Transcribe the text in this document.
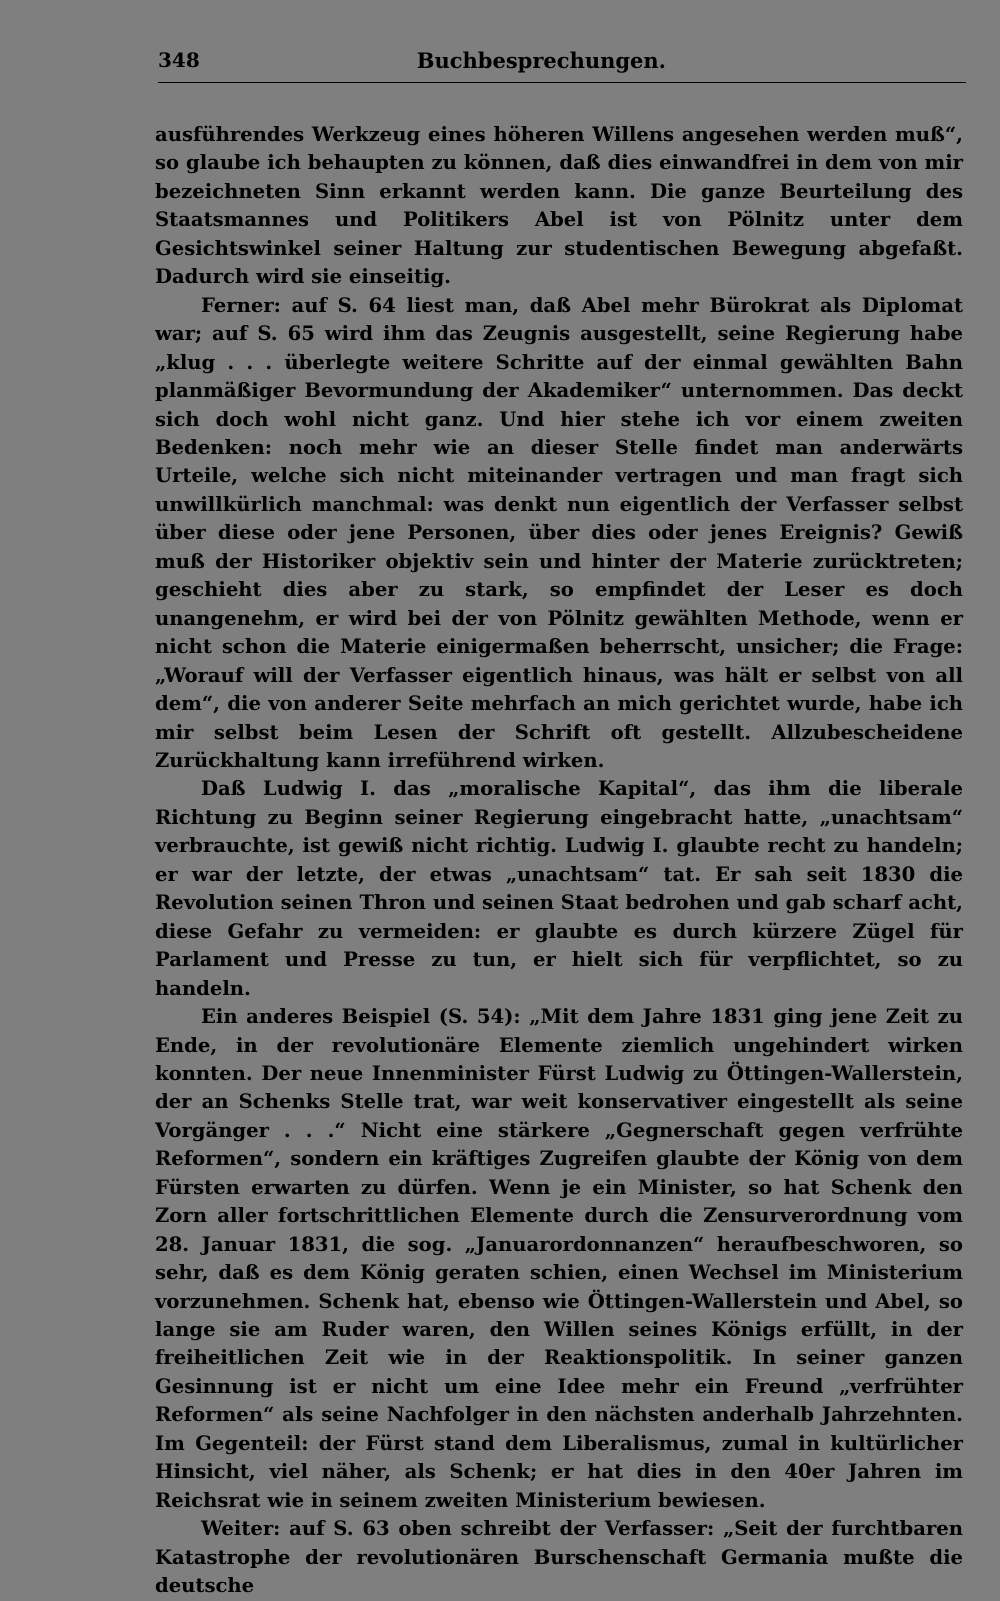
348	Buchbesprechungen.

ausführendes Werkzeug eines höheren Willens angesehen werden muß“, so glaube ich behaupten zu können, daß dies einwandfrei in dem von mir bezeichneten Sinn erkannt werden kann. Die ganze Beurteilung des Staatsmannes und Politikers Abel ist von Pölnitz unter dem Gesichtswinkel seiner Haltung zur studentischen Bewegung abgefaßt. Dadurch wird sie einseitig.

Ferner: auf S. 64 liest man, daß Abel mehr Bürokrat als Diplomat war; auf S. 65 wird ihm das Zeugnis ausgestellt, seine Regierung habe „klug . . . überlegte weitere Schritte auf der einmal gewählten Bahn planmäßiger Bevormundung der Akademiker“ unternommen. Das deckt sich doch wohl nicht ganz. Und hier stehe ich vor einem zweiten Bedenken: noch mehr wie an dieser Stelle findet man anderwärts Urteile, welche sich nicht miteinander vertragen und man fragt sich unwillkürlich manchmal: was denkt nun eigentlich der Verfasser selbst über diese oder jene Personen, über dies oder jenes Ereignis? Gewiß muß der Historiker objektiv sein und hinter der Materie zurücktreten; geschieht dies aber zu stark, so empfindet der Leser es doch unangenehm, er wird bei der von Pölnitz gewählten Methode, wenn er nicht schon die Materie einigermaßen beherrscht, unsicher; die Frage: „Worauf will der Verfasser eigentlich hinaus, was hält er selbst von all dem“, die von anderer Seite mehrfach an mich gerichtet wurde, habe ich mir selbst beim Lesen der Schrift oft gestellt. Allzubescheidene Zurückhaltung kann irreführend wirken.

Daß Ludwig I. das „moralische Kapital“, das ihm die liberale Richtung zu Beginn seiner Regierung eingebracht hatte, „unachtsam“ verbrauchte, ist gewiß nicht richtig. Ludwig I. glaubte recht zu handeln; er war der letzte, der etwas „unachtsam“ tat. Er sah seit 1830 die Revolution seinen Thron und seinen Staat bedrohen und gab scharf acht, diese Gefahr zu vermeiden: er glaubte es durch kürzere Zügel für Parlament und Presse zu tun, er hielt sich für verpflichtet, so zu handeln.

Ein anderes Beispiel (S. 54): „Mit dem Jahre 1831 ging jene Zeit zu Ende, in der revolutionäre Elemente ziemlich ungehindert wirken konnten. Der neue Innenminister Fürst Ludwig zu Öttingen-Wallerstein, der an Schenks Stelle trat, war weit konservativer eingestellt als seine Vorgänger . . .“ Nicht eine stärkere „Gegnerschaft gegen verfrühte Reformen“, sondern ein kräftiges Zugreifen glaubte der König von dem Fürsten erwarten zu dürfen. Wenn je ein Minister, so hat Schenk den Zorn aller fortschrittlichen Elemente durch die Zensurverordnung vom 28. Januar 1831, die sog. „Januarordonnanzen“ heraufbeschworen, so sehr, daß es dem König geraten schien, einen Wechsel im Ministerium vorzunehmen. Schenk hat, ebenso wie Öttingen-Wallerstein und Abel, so lange sie am Ruder waren, den Willen seines Königs erfüllt, in der freiheitlichen Zeit wie in der Reaktionspolitik. In seiner ganzen Gesinnung ist er nicht um eine Idee mehr ein Freund „verfrühter Reformen“ als seine Nachfolger in den nächsten anderhalb Jahrzehnten. Im Gegenteil: der Fürst stand dem Liberalismus, zumal in kultürlicher Hinsicht, viel näher, als Schenk; er hat dies in den 40er Jahren im Reichsrat wie in seinem zweiten Ministerium bewiesen.

Weiter: auf S. 63 oben schreibt der Verfasser: „Seit der furchtbaren Katastrophe der revolutionären Burschenschaft Germania mußte die deutsche
